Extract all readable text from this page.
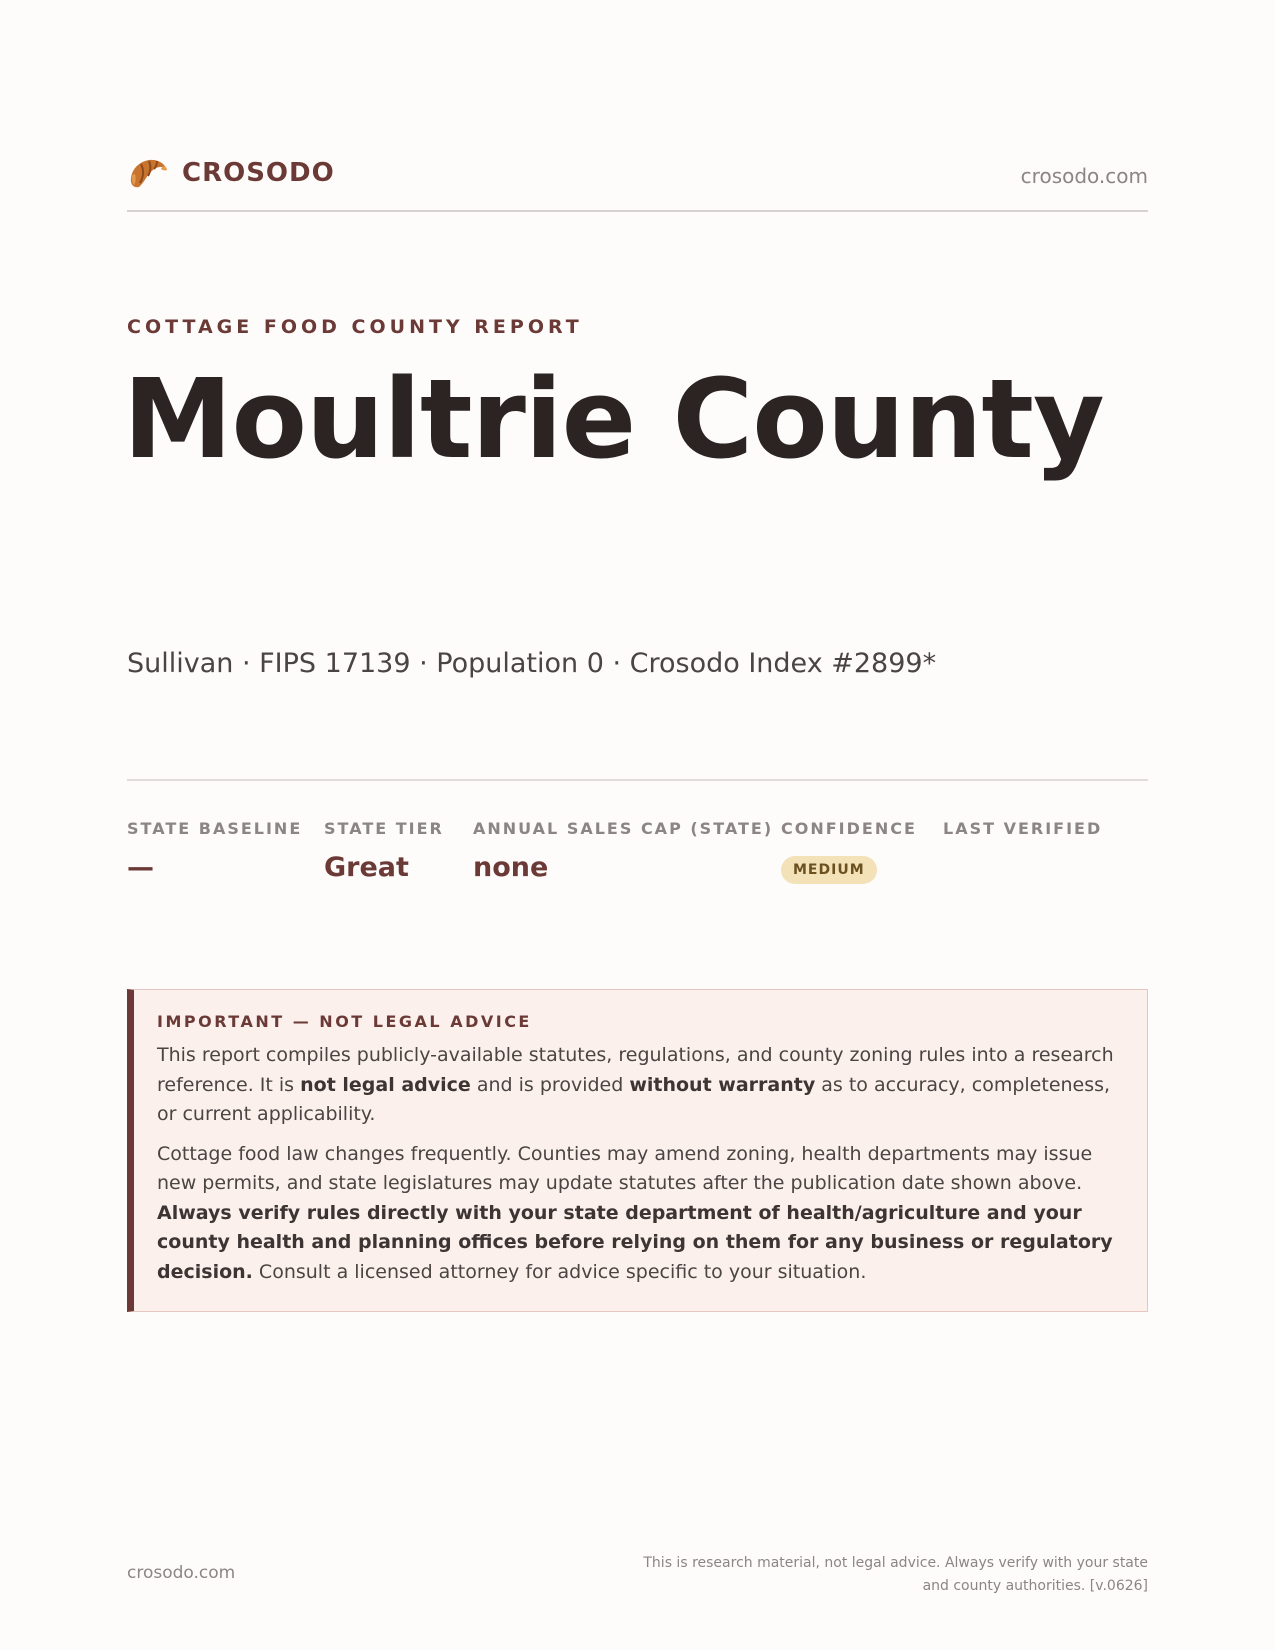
CROSODO	crosodo.com
COTTAGE FOOD COUNTY REPORT
Moultrie County
Sullivan · FIPS 17139 · Population 0 · Crosodo Index #2899*
STATE BASELINE
—
STATE TIER
Great
ANNUAL SALES CAP (STATE)
none
CONFIDENCE
MEDIUM
LAST VERIFIED
IMPORTANT — NOT LEGAL ADVICE

This report compiles publicly-available statutes, regulations, and county zoning rules into a research reference. It is not legal advice and is provided without warranty as to accuracy, completeness, or current applicability.

Cottage food law changes frequently. Counties may amend zoning, health departments may issue new permits, and state legislatures may update statutes after the publication date shown above. Always verify rules directly with your state department of health/agriculture and your county health and planning offices before relying on them for any business or regulatory decision. Consult a licensed attorney for advice specific to your situation.

crosodo.com	This is research material, not legal advice. Always verify with your state
and county authorities. [v.0626]
